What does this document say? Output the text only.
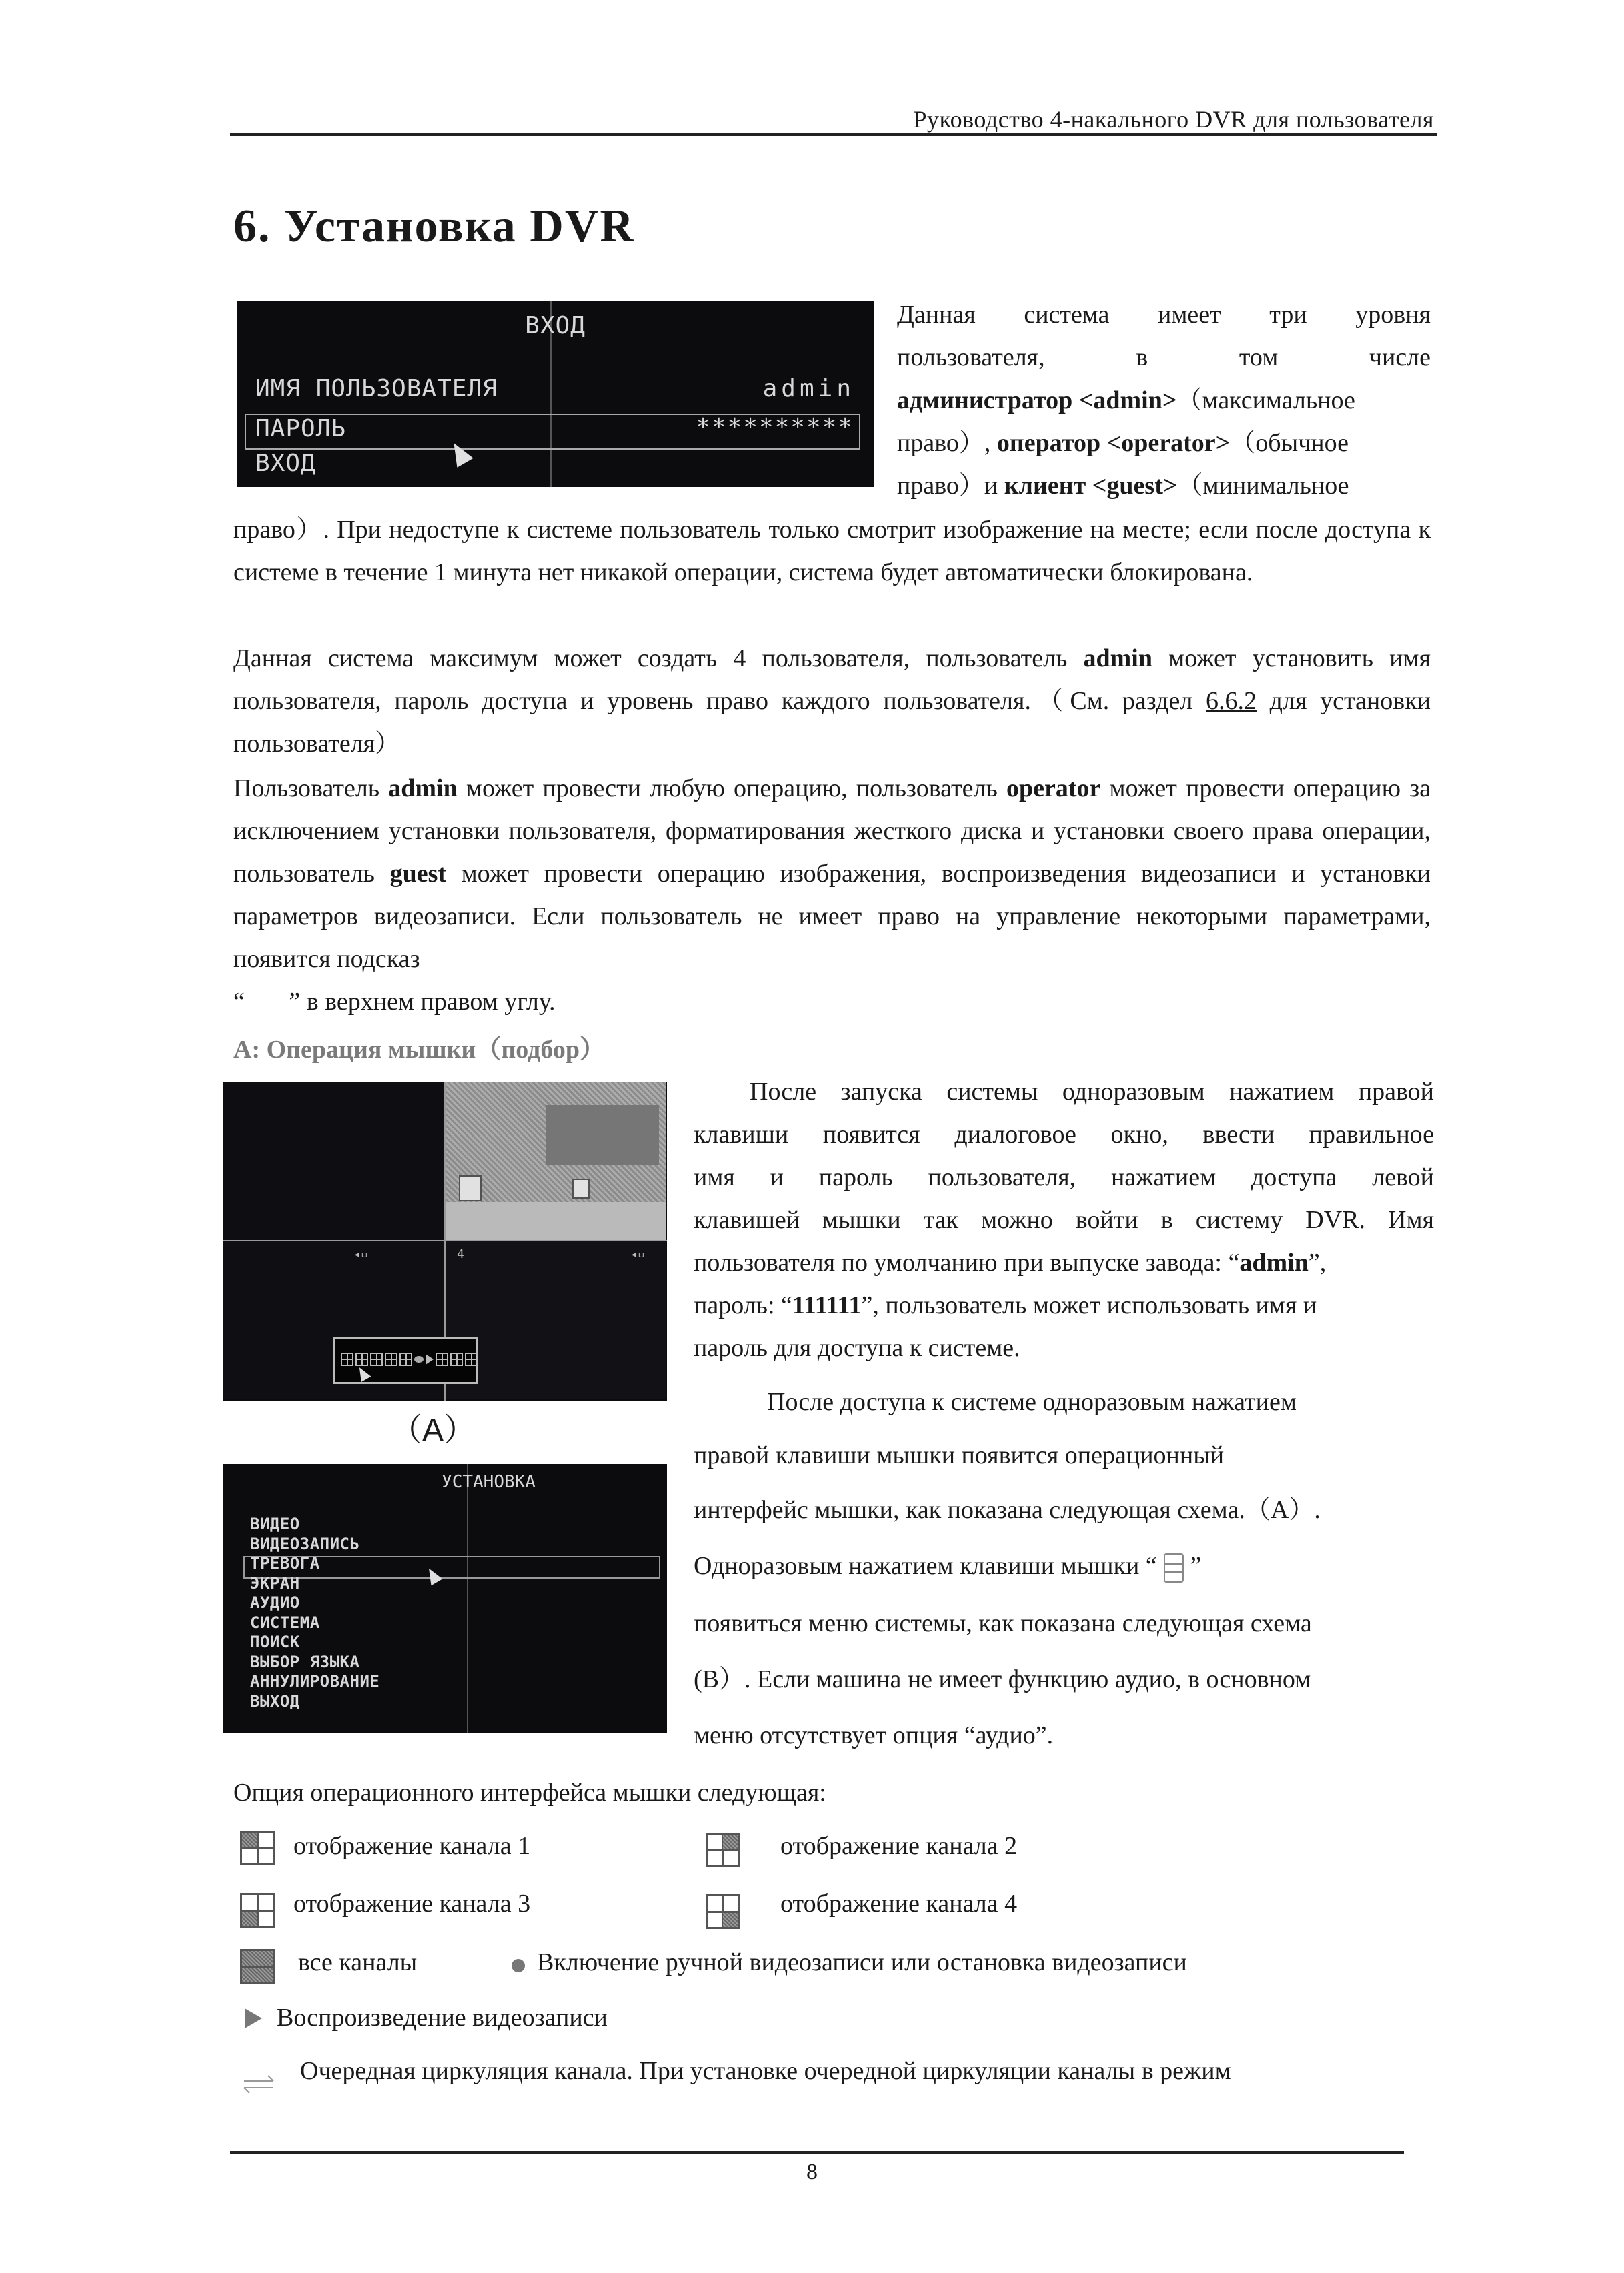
Руководство 4-накального DVR для пользователя
6. Установка DVR
ВХОД
ИМЯ ПОЛЬЗОВАТЕЛЯ	admin
ПАРОЛЬ	**********
ВХОД
Данная система имеет три уровня
пользователя, в том числе
администратор <admin>（максимальное
право）, оператор <operator>（обычное
право）и клиент <guest>（минимальное
право）. При недоступе к системе пользователь только смотрит изображение на месте; если после доступа к системе в течение 1 минута нет никакой операции, система будет автоматически блокирована.
Данная система максимум может создать 4 пользователя, пользователь admin может установить имя пользователя, пароль доступа и уровень право каждого пользователя.（См. раздел 6.6.2 для установки пользователя）
Пользователь admin может провести любую операцию, пользователь operator может провести операцию за исключением установки пользователя, форматирования жесткого диска и установки своего права операции, пользователь guest может провести операцию изображения, воспроизведения видеозаписи и установки параметров видеозаписи. Если пользователь не имеет право на управление некоторыми параметрами, появится подсказ
“       ” в верхнем правом углу.
A: Операция мышки（подбор）
◂▫	4	◂▫
（A）
После запуска системы одноразовым нажатием правой
клавиши появится диалоговое окно, ввести правильное
имя и пароль пользователя, нажатием доступа левой
клавишей мышки так можно войти в систему DVR. Имя
пользователя по умолчанию при выпуске завода: “admin”,
пароль: “111111”, пользователь может использовать имя и
пароль для доступа к системе.
УСТАНОВКА
ВИДЕО
ВИДЕОЗАПИСЬ
ТРЕВОГА
ЭКРАН
АУДИО
СИСТЕМА
ПОИСК
ВЫБОР ЯЗЫКА
АННУЛИРОВАНИЕ
ВЫХОД
После доступа к системе одноразовым нажатием
правой клавиши мышки появится операционный
интерфейс мышки, как показана следующая схема.（A）.
Одноразовым нажатием клавиши мышки “ ”
появиться меню системы, как показана следующая схема
(B）. Если машина не имеет функцию аудио, в основном
меню отсутствует опция “аудио”.
Опция операционного интерфейса мышки следующая:
отображение канала 1	отображение канала 2
отображение канала 3	отображение канала 4
все каналы	Включение ручной видеозаписи или остановка видеозаписи
Воспроизведение видеозаписи
Очередная циркуляция канала. При установке очередной циркуляции каналы в режим
8
